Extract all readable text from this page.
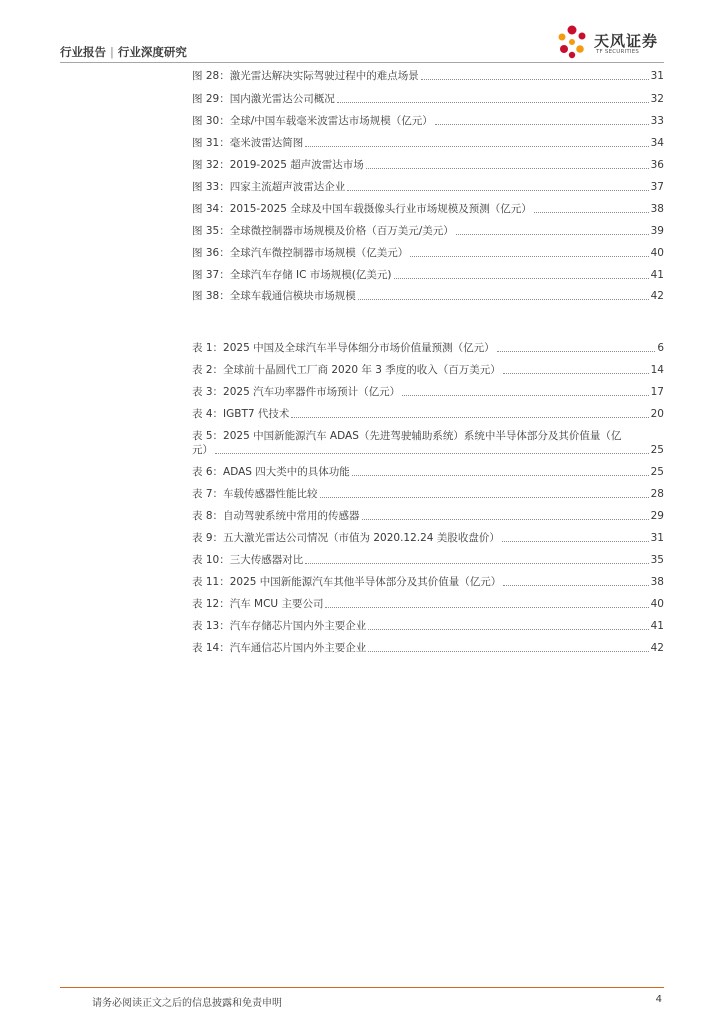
行业报告 | 行业深度研究
天风证券
TF SECURITIES
图 28： 激光雷达解决实际驾驶过程中的难点场景	31
图 29： 国内激光雷达公司概况	32
图 30： 全球/中国车载毫米波雷达市场规模（亿元）	33
图 31： 毫米波雷达简图	34
图 32： 2019-2025 超声波雷达市场	36
图 33： 四家主流超声波雷达企业	37
图 34： 2015-2025 全球及中国车载摄像头行业市场规模及预测（亿元）	38
图 35： 全球微控制器市场规模及价格（百万美元/美元）	39
图 36： 全球汽车微控制器市场规模（亿美元）	40
图 37： 全球汽车存储 IC 市场规模(亿美元)	41
图 38： 全球车载通信模块市场规模	42
表 1： 2025 中国及全球汽车半导体细分市场价值量预测（亿元）	6
表 2： 全球前十晶圆代工厂商 2020 年 3 季度的收入（百万美元）	14
表 3： 2025 汽车功率器件市场预计（亿元）	17
表 4： IGBT7 代技术	20
表 5： 2025 中国新能源汽车 ADAS（先进驾驶辅助系统）系统中半导体部分及其价值量（亿
元）	25
表 6： ADAS 四大类中的具体功能	25
表 7： 车载传感器性能比较	28
表 8： 自动驾驶系统中常用的传感器	29
表 9： 五大激光雷达公司情况（市值为 2020.12.24 美股收盘价）	31
表 10： 三大传感器对比	35
表 11： 2025 中国新能源汽车其他半导体部分及其价值量（亿元）	38
表 12： 汽车 MCU 主要公司	40
表 13： 汽车存储芯片国内外主要企业	41
表 14： 汽车通信芯片国内外主要企业	42
请务必阅读正文之后的信息披露和免责申明	4
